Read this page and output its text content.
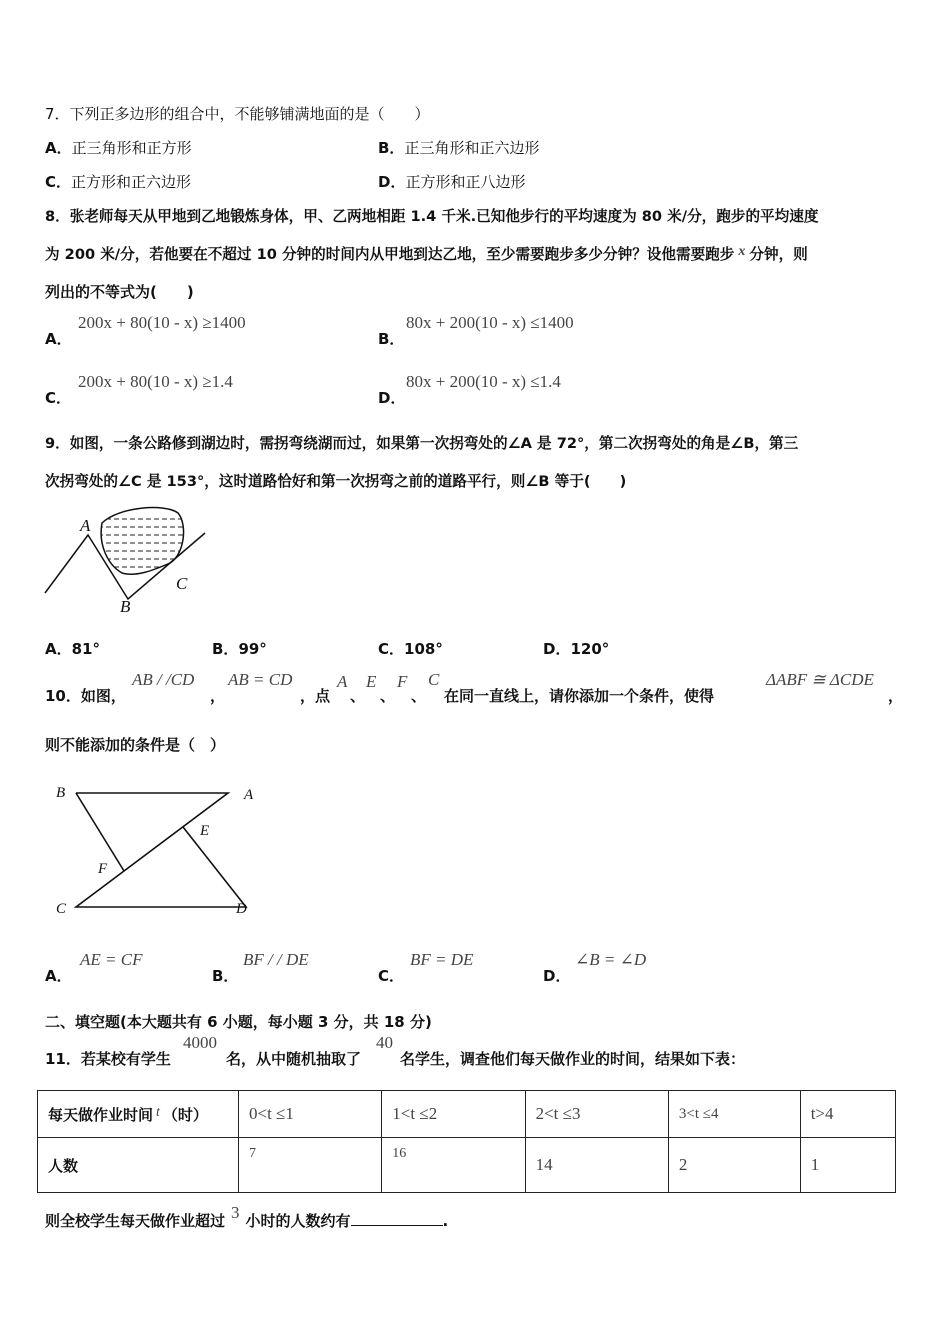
7．下列正多边形的组合中，不能够铺满地面的是（　　）
A．正三角形和正方形	B．正三角形和正六边形
C．正方形和正六边形	D．正方形和正八边形
8．张老师每天从甲地到乙地锻炼身体，甲、乙两地相距 1.4 千米.已知他步行的平均速度为 80 米/分，跑步的平均速度
为 200 米/分，若他要在不超过 10 分钟的时间内从甲地到达乙地，至少需要跑步多少分钟？设他需要跑步 x 分钟，则
列出的不等式为(　　)
A．
200x + 80(10 - x) ≥1400
B．
80x + 200(10 - x) ≤1400
C．
200x + 80(10 - x) ≥1.4
D．
80x + 200(10 - x) ≤1.4
9．如图，一条公路修到湖边时，需拐弯绕湖而过，如果第一次拐弯处的∠A 是 72°，第二次拐弯处的角是∠B，第三
次拐弯处的∠C 是 153°，这时道路恰好和第一次拐弯之前的道路平行，则∠B 等于(　　)
A
B
C
A．81°	B．99°	C．108°	D．120°
10．如图，
AB / /CD
，
AB = CD
，点
A
、
E
、
F
、
C
在同一直线上，请你添加一个条件，使得
ΔABF ≅ ΔCDE
，
则不能添加的条件是（　）
B	A
E
F
C	D
A．
AE = CF
B．
BF / / DE
C．
BF = DE
D．
∠B = ∠D
二、填空题(本大题共有 6 小题，每小题 3 分，共 18 分)
11．若某校有学生
4000
名，从中随机抽取了
40
名学生，调查他们每天做作业的时间，结果如下表：
每天做作业时间 t （时）	0<t ≤1	1<t ≤2	2<t ≤3	3<t ≤4	t>4
人数	7	16	14	2	1
则全校学生每天做作业超过 3 小时的人数约有	.
